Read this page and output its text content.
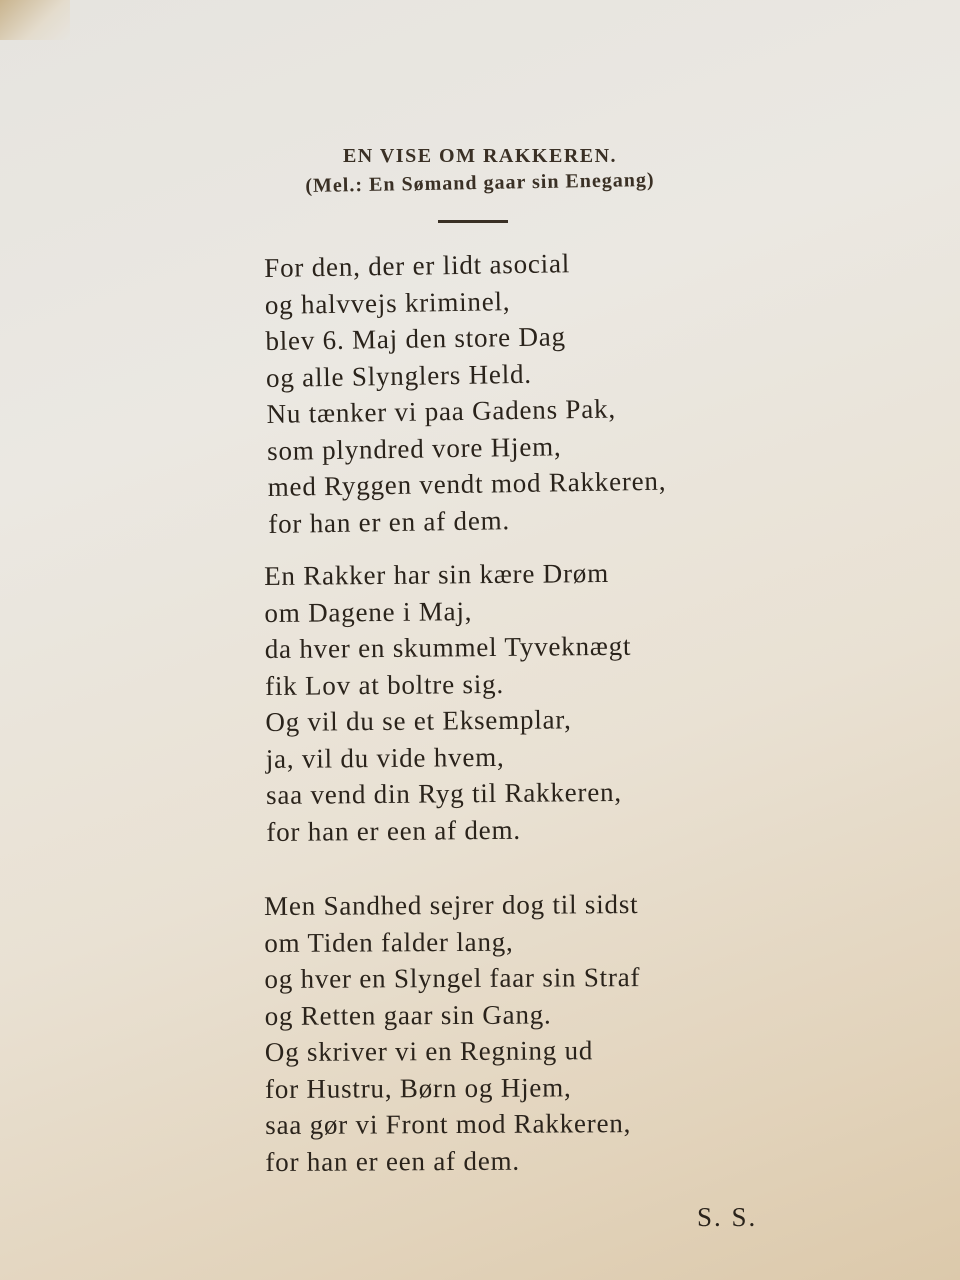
EN VISE OM RAKKEREN.
(Mel.: En Sømand gaar sin Enegang)
For den, der er lidt asocial
og halvvejs kriminel,
blev 6. Maj den store Dag
og alle Slynglers Held.
Nu tænker vi paa Gadens Pak,
som plyndred vore Hjem,
med Ryggen vendt mod Rakkeren,
for han er en af dem.
En Rakker har sin kære Drøm
om Dagene i Maj,
da hver en skummel Tyveknægt
fik Lov at boltre sig.
Og vil du se et Eksemplar,
ja, vil du vide hvem,
saa vend din Ryg til Rakkeren,
for han er een af dem.
Men Sandhed sejrer dog til sidst
om Tiden falder lang,
og hver en Slyngel faar sin Straf
og Retten gaar sin Gang.
Og skriver vi en Regning ud
for Hustru, Børn og Hjem,
saa gør vi Front mod Rakkeren,
for han er een af dem.
S. S.
